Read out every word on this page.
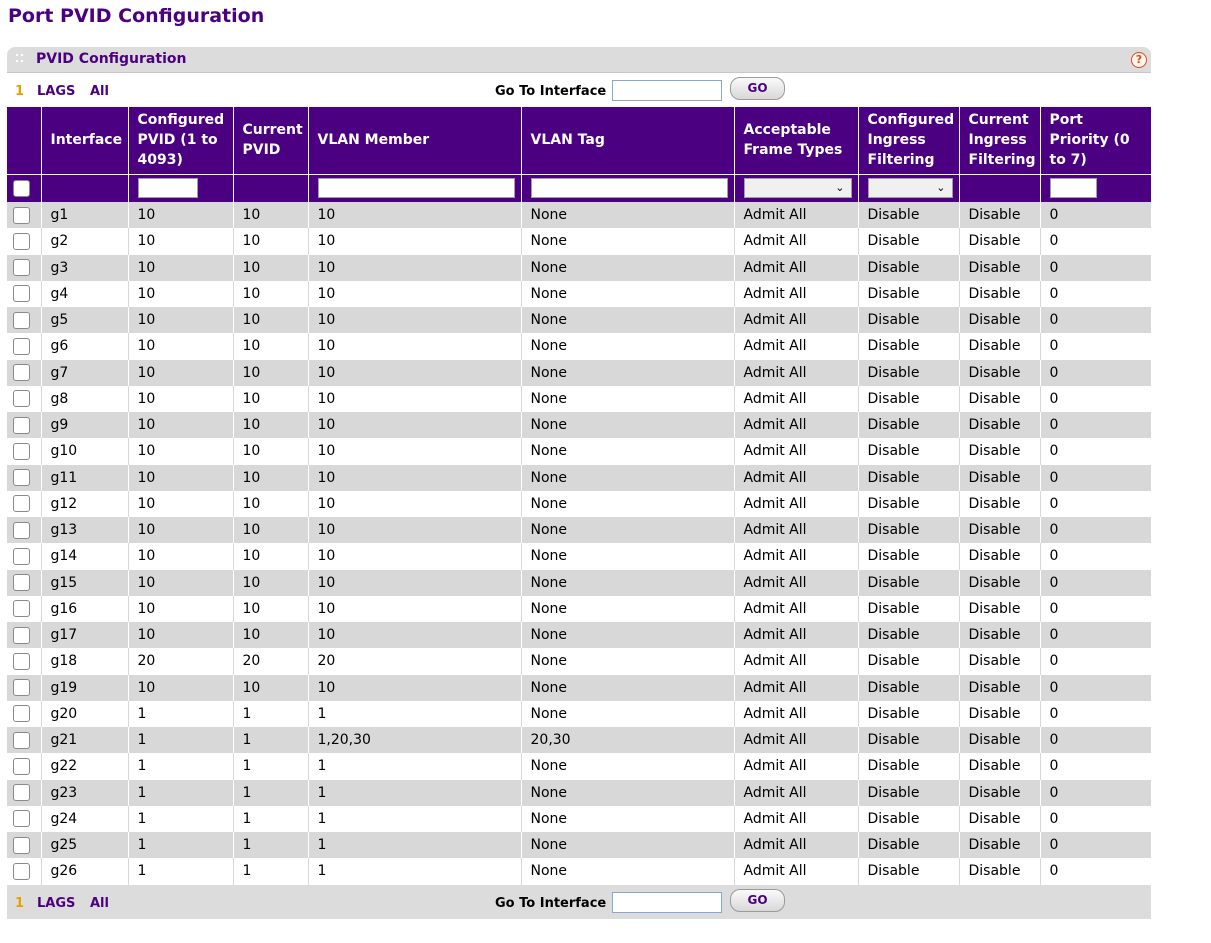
Port PVID Configuration
PVID Configuration	?
1 LAGS All	Go To Interface	GO
	Interface	Configured PVID (1 to 4093)	Current PVID	VLAN Member	VLAN Tag	Acceptable Frame Types	Configured Ingress Filtering	Current Ingress Filtering	Port Priority (0 to 7)

						⌄	⌄		

	g1	10	10	10	None	Admit All	Disable	Disable	0

	g2	10	10	10	None	Admit All	Disable	Disable	0

	g3	10	10	10	None	Admit All	Disable	Disable	0

	g4	10	10	10	None	Admit All	Disable	Disable	0

	g5	10	10	10	None	Admit All	Disable	Disable	0

	g6	10	10	10	None	Admit All	Disable	Disable	0

	g7	10	10	10	None	Admit All	Disable	Disable	0

	g8	10	10	10	None	Admit All	Disable	Disable	0

	g9	10	10	10	None	Admit All	Disable	Disable	0

	g10	10	10	10	None	Admit All	Disable	Disable	0

	g11	10	10	10	None	Admit All	Disable	Disable	0

	g12	10	10	10	None	Admit All	Disable	Disable	0

	g13	10	10	10	None	Admit All	Disable	Disable	0

	g14	10	10	10	None	Admit All	Disable	Disable	0

	g15	10	10	10	None	Admit All	Disable	Disable	0

	g16	10	10	10	None	Admit All	Disable	Disable	0

	g17	10	10	10	None	Admit All	Disable	Disable	0

	g18	20	20	20	None	Admit All	Disable	Disable	0

	g19	10	10	10	None	Admit All	Disable	Disable	0

	g20	1	1	1	None	Admit All	Disable	Disable	0

	g21	1	1	1,20,30	20,30	Admit All	Disable	Disable	0

	g22	1	1	1	None	Admit All	Disable	Disable	0

	g23	1	1	1	None	Admit All	Disable	Disable	0

	g24	1	1	1	None	Admit All	Disable	Disable	0

	g25	1	1	1	None	Admit All	Disable	Disable	0

	g26	1	1	1	None	Admit All	Disable	Disable	0
1 LAGS All	Go To Interface	GO
